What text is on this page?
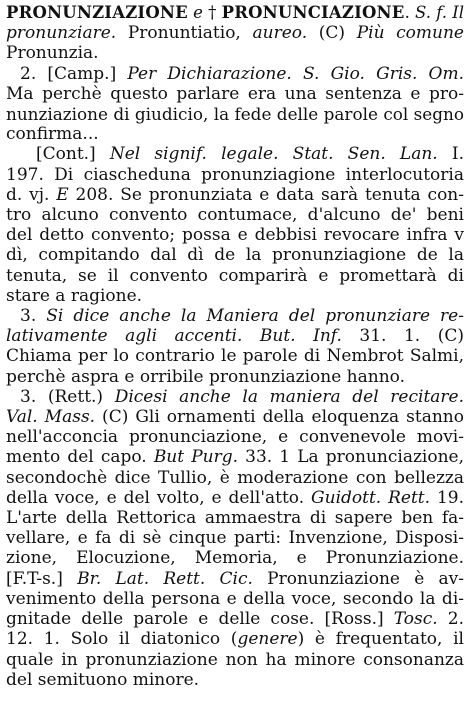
PRONUNZIAZIONE e † PRONUNCIAZIONE. S. f. Il
pronunziare. Pronuntiatio, aureo. (C) Più comune
Pronunzia.
2. [Camp.] Per Dichiarazione. S. Gio. Gris. Om.
Ma perchè questo parlare era una sentenza e pro-
nunziazione di giudicio, la fede delle parole col segno
confirma...
[Cont.] Nel signif. legale. Stat. Sen. Lan. I.
197. Di ciascheduna pronunziagione interlocutoria
d. vj. E 208. Se pronunziata e data sarà tenuta con-
tro alcuno convento contumace, d'alcuno de' beni
del detto convento; possa e debbisi revocare infra v
dì, compitando dal dì de la pronunziagione de la
tenuta, se il convento comparirà e promettarà di
stare a ragione.
3. Si dice anche la Maniera del pronunziare re-
lativamente agli accenti. But. Inf. 31. 1. (C)
Chiama per lo contrario le parole di Nembrot Salmi,
perchè aspra e orribile pronunziazione hanno.
3. (Rett.) Dicesi anche la maniera del recitare.
Val. Mass. (C) Gli ornamenti della eloquenza stanno
nell'acconcia pronunciazione, e convenevole movi-
mento del capo. But Purg. 33. 1 La pronunciazione,
secondochè dice Tullio, è moderazione con bellezza
della voce, e del volto, e dell'atto. Guidott. Rett. 19.
L'arte della Rettorica ammaestra di sapere ben fa-
vellare, e fa di sè cinque parti: Invenzione, Disposi-
zione, Elocuzione, Memoria, e Pronunziazione.
[F.T-s.] Br. Lat. Rett. Cic. Pronunziazione è av-
venimento della persona e della voce, secondo la di-
gnitade delle parole e delle cose. [Ross.] Tosc. 2.
12. 1. Solo il diatonico (genere) è frequentato, il
quale in pronunziazione non ha minore consonanza
del semituono minore.
